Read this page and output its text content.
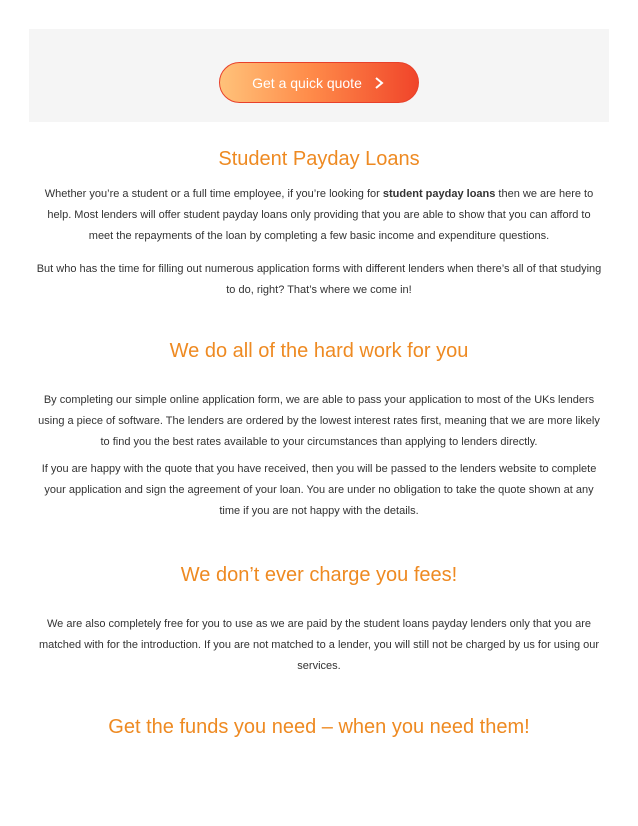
Get a quick quote
Student Payday Loans

Whether you’re a student or a full time employee, if you’re looking for student payday loans then we are here to help. Most lenders will offer student payday loans only providing that you are able to show that you can afford to meet the repayments of the loan by completing a few basic income and expenditure questions.

But who has the time for filling out numerous application forms with different lenders when there’s all of that studying to do, right? That’s where we come in!

We do all of the hard work for you

By completing our simple online application form, we are able to pass your application to most of the UKs lenders using a piece of software. The lenders are ordered by the lowest interest rates first, meaning that we are more likely to find you the best rates available to your circumstances than applying to lenders directly.

If you are happy with the quote that you have received, then you will be passed to the lenders website to complete your application and sign the agreement of your loan. You are under no obligation to take the quote shown at any time if you are not happy with the details.

We don’t ever charge you fees!

We are also completely free for you to use as we are paid by the student loans payday lenders only that you are matched with for the introduction. If you are not matched to a lender, you will still not be charged by us for using our services.

Get the funds you need – when you need them!
